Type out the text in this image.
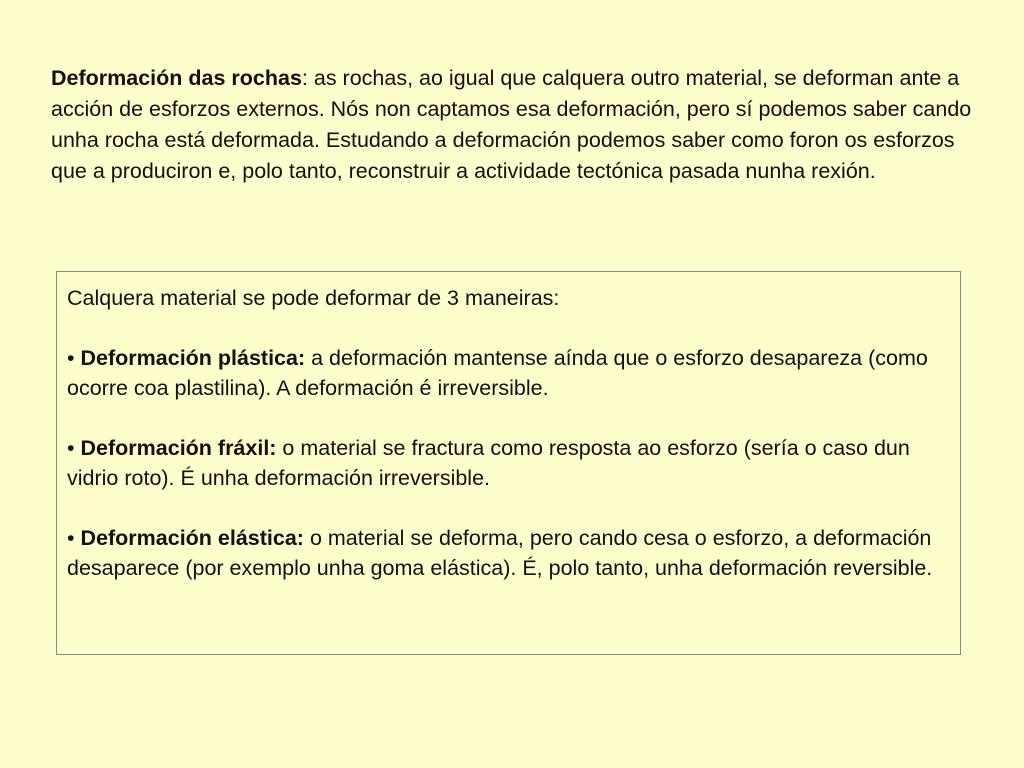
Deformación das rochas: as rochas, ao igual que calquera outro material, se deforman ante a acción de esforzos externos. Nós non captamos esa deformación, pero sí podemos saber cando unha rocha está deformada. Estudando a deformación podemos saber como foron os esforzos que a produciron e, polo tanto, reconstruir a actividade tectónica pasada nunha rexión.

Calquera material se pode deformar de 3 maneiras:

• Deformación plástica: a deformación mantense aínda que o esforzo desapareza (como ocorre coa plastilina). A deformación é irreversible.

• Deformación fráxil: o material se fractura como resposta ao esforzo (sería o caso dun vidrio roto). É unha deformación irreversible.

• Deformación elástica: o material se deforma, pero cando cesa o esforzo, a deformación desaparece (por exemplo unha goma elástica). É, polo tanto, unha deformación reversible.
